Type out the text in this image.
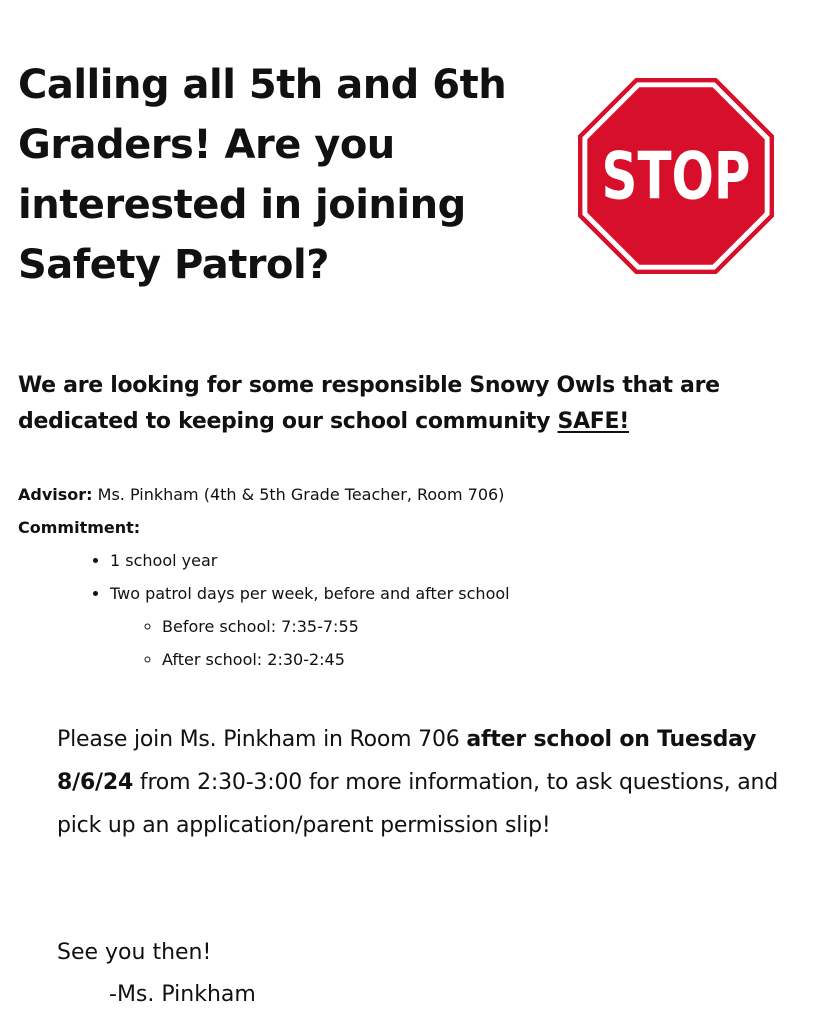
Calling all 5th and 6th Graders! Are you interested in joining Safety Patrol?
STOP

We are looking for some responsible Snowy Owls that are dedicated to keeping our school community SAFE!

Advisor: Ms. Pinkham (4th & 5th Grade Teacher, Room 706)
Commitment:
• 1 school year
• Two patrol days per week, before and after school
◦ Before school: 7:35-7:55
◦ After school: 2:30-2:45

Please join Ms. Pinkham in Room 706 after school on Tuesday 8/6/24 from 2:30-3:00 for more information, to ask questions, and pick up an application/parent permission slip!

See you then!
-Ms. Pinkham
